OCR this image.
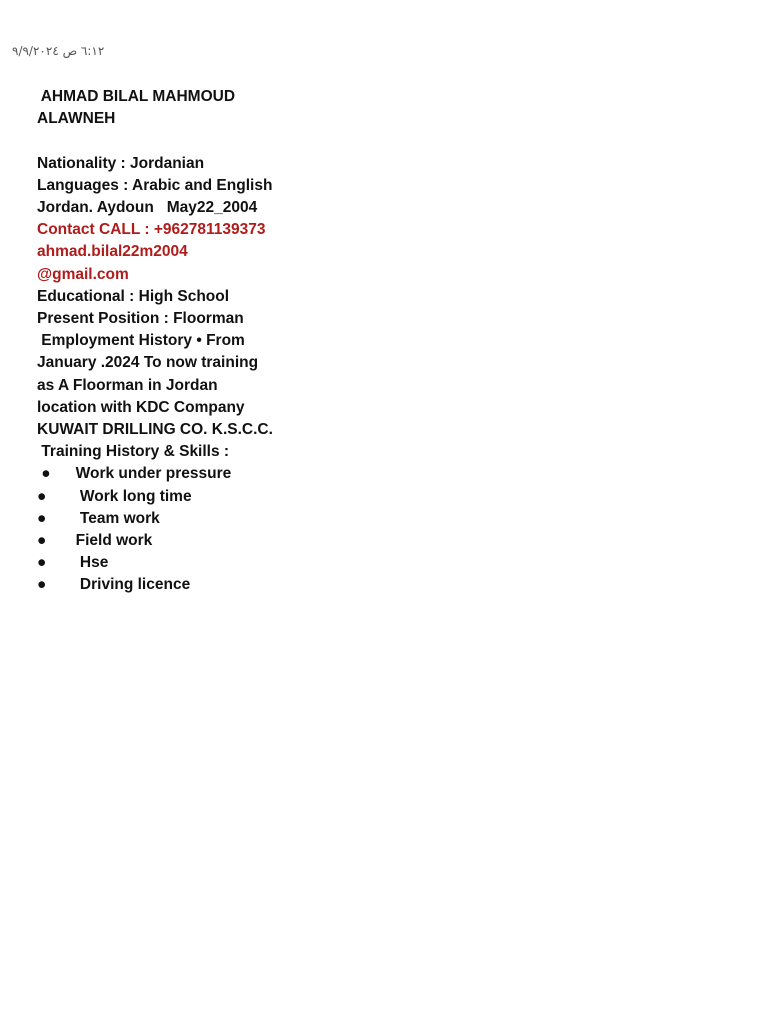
٦:١٢ ص ٩/٩/٢٠٢٤
AHMAD BILAL MAHMOUD
ALAWNEH
Nationality : Jordanian
Languages : Arabic and English
Jordan. Aydoun   May22_2004
Contact CALL : +962781139373
ahmad.bilal22m2004
@gmail.com
Educational : High School
Present Position : Floorman
Employment History • From
January .2024 To now training
as A Floorman in Jordan
location with KDC Company
KUWAIT DRILLING CO. K.S.C.C.
Training History & Skills :
●
	Work under pressure
●
	Work long time
●
	Team work
●
	Field work
●
	Hse
●
	Driving licence
